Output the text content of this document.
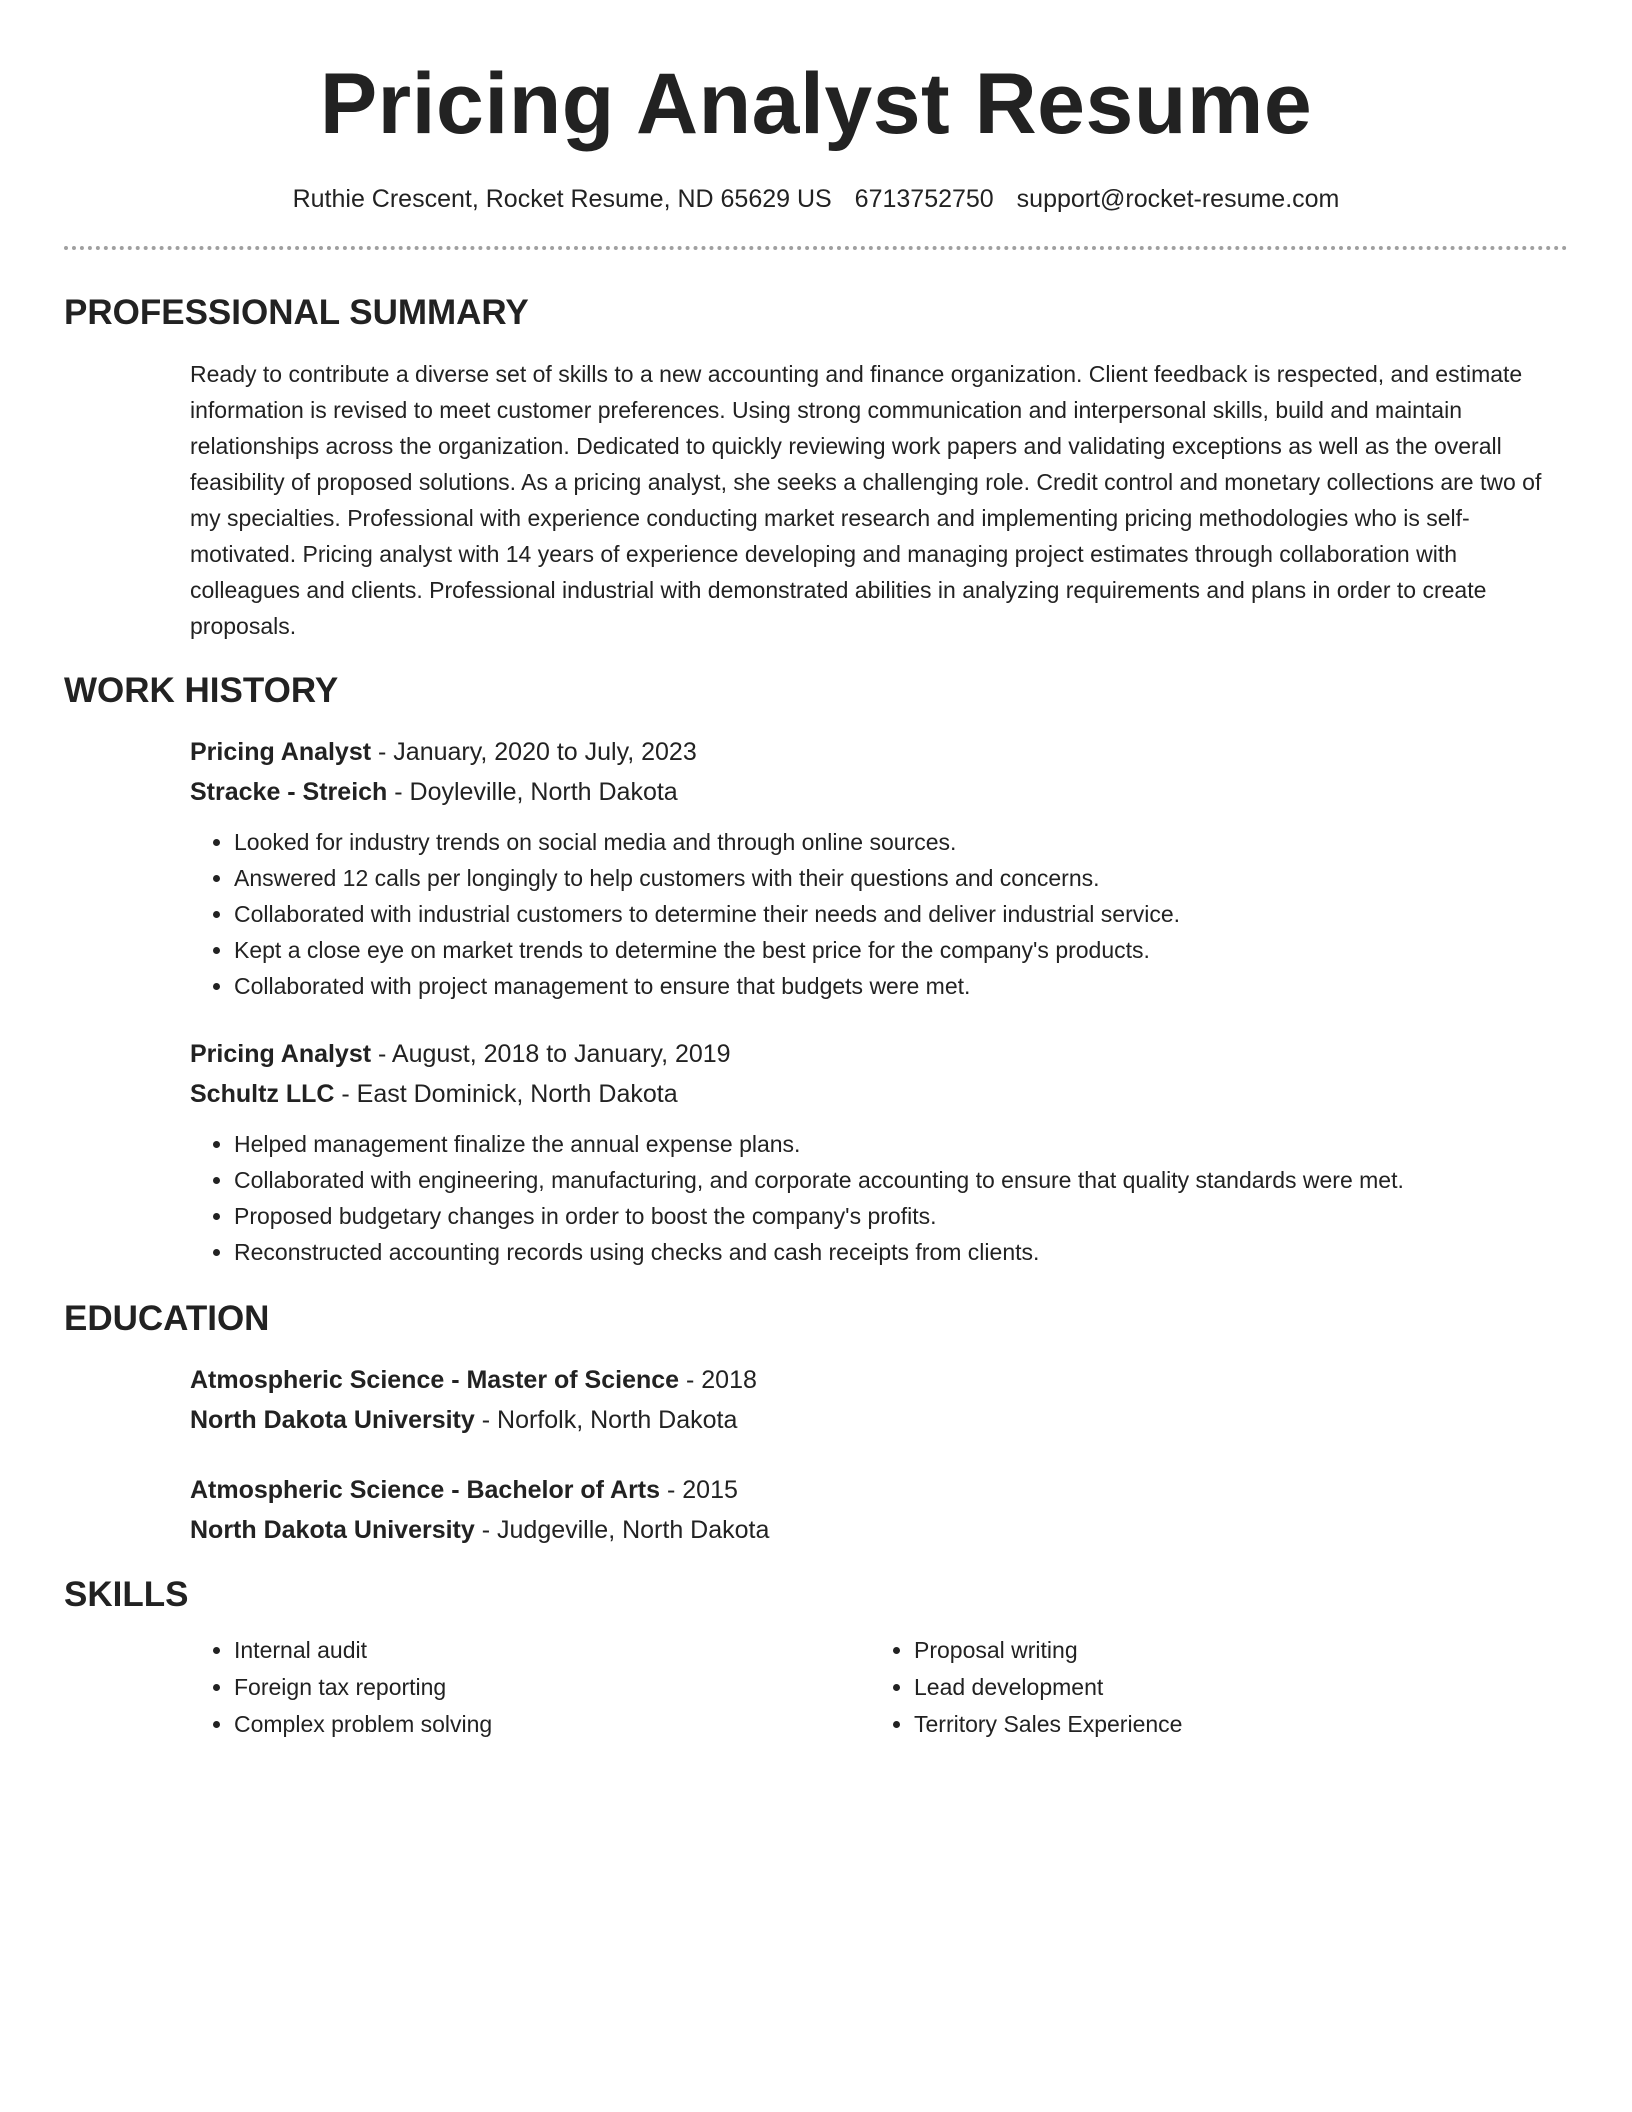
Pricing Analyst Resume
Ruthie Crescent, Rocket Resume, ND 65629 US 6713752750 support@rocket-resume.com
PROFESSIONAL SUMMARY

Ready to contribute a diverse set of skills to a new accounting and finance organization. Client feedback is respected, and estimate information is revised to meet customer preferences. Using strong communication and interpersonal skills, build and maintain relationships across the organization. Dedicated to quickly reviewing work papers and validating exceptions as well as the overall feasibility of proposed solutions. As a pricing analyst, she seeks a challenging role. Credit control and monetary collections are two of my specialties. Professional with experience conducting market research and implementing pricing methodologies who is self-motivated. Pricing analyst with 14 years of experience developing and managing project estimates through collaboration with colleagues and clients. Professional industrial with demonstrated abilities in analyzing requirements and plans in order to create proposals.

WORK HISTORY
Pricing Analyst - January, 2020 to July, 2023
Stracke - Streich - Doyleville, North Dakota
• Looked for industry trends on social media and through online sources.
• Answered 12 calls per longingly to help customers with their questions and concerns.
• Collaborated with industrial customers to determine their needs and deliver industrial service.
• Kept a close eye on market trends to determine the best price for the company's products.
• Collaborated with project management to ensure that budgets were met.
Pricing Analyst - August, 2018 to January, 2019
Schultz LLC - East Dominick, North Dakota
• Helped management finalize the annual expense plans.
• Collaborated with engineering, manufacturing, and corporate accounting to ensure that quality standards were met.
• Proposed budgetary changes in order to boost the company's profits.
• Reconstructed accounting records using checks and cash receipts from clients.
EDUCATION
Atmospheric Science - Master of Science - 2018
North Dakota University - Norfolk, North Dakota
Atmospheric Science - Bachelor of Arts - 2015
North Dakota University - Judgeville, North Dakota
SKILLS
• Internal audit
• Foreign tax reporting
• Complex problem solving
• Proposal writing
• Lead development
• Territory Sales Experience
